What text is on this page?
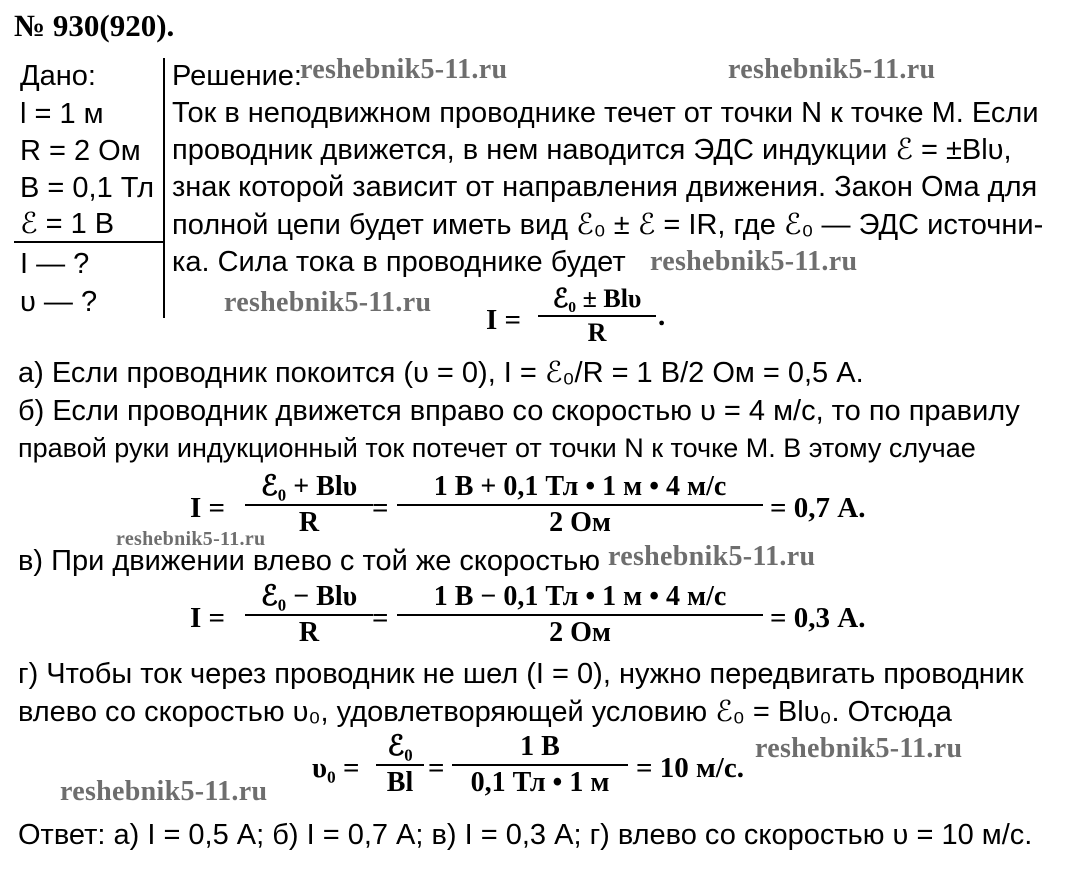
№ 930(920).
Дано:
l = 1 м
R = 2 Ом
B = 0,1 Тл
ℰ = 1 В
I — ?
υ — ?
Решение:
Ток в неподвижном проводнике течет от точки N к точке M. Если
проводник движется, в нем наводится ЭДС индукции ℰ = ±Blυ,
знак которой зависит от направления движения. Закон Ома для
полной цепи будет иметь вид ℰ₀ ± ℰ = IR, где ℰ₀ — ЭДС источни-
ка. Сила тока в проводнике будет
I =
ℰ₀ ± Blυ
R
.
а) Если проводник покоится (υ = 0), I = ℰ₀/R = 1 В/2 Ом = 0,5 А.
б) Если проводник движется вправо со скоростью υ = 4 м/с, то по правилу
правой руки индукционный ток потечет от точки N к точке M. В этому случае
I =
ℰ₀ + Blυ
R =
1 В + 0,1 Тл • 1 м • 4 м/с
2 Ом	= 0,7 А.
в) При движении влево с той же скоростью
I =
ℰ₀ − Blυ
R =
1 В − 0,1 Тл • 1 м • 4 м/с
2 Ом	= 0,3 А.
г) Чтобы ток через проводник не шел (I = 0), нужно передвигать проводник
влево со скоростью υ₀, удовлетворяющей условию ℰ₀ = Blυ₀. Отсюда
υ₀ =
ℰ₀
Bl =
1 В
0,1 Тл • 1 м = 10 м/с.
Ответ: а) I = 0,5 А; б) I = 0,7 А; в) I = 0,3 А; г) влево со скоростью υ = 10 м/с.
reshebnik5-11.ru	reshebnik5-11.ru
reshebnik5-11.ru
reshebnik5-11.ru
reshebnik5-11.ru
reshebnik5-11.ru
reshebnik5-11.ru
reshebnik5-11.ru
